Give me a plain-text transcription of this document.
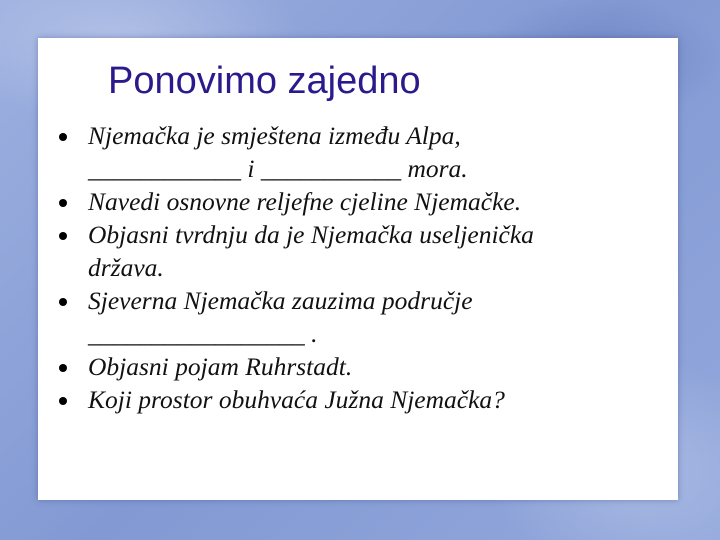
Ponovimo zajedno
Njemačka je smještena između Alpa,
____________ i ___________ mora.
Navedi osnovne reljefne cjeline Njemačke.
Objasni tvrdnju da je Njemačka useljenička
država.
Sjeverna Njemačka zauzima područje
_________________ .
Objasni pojam Ruhrstadt.
Koji prostor obuhvaća Južna Njemačka?
